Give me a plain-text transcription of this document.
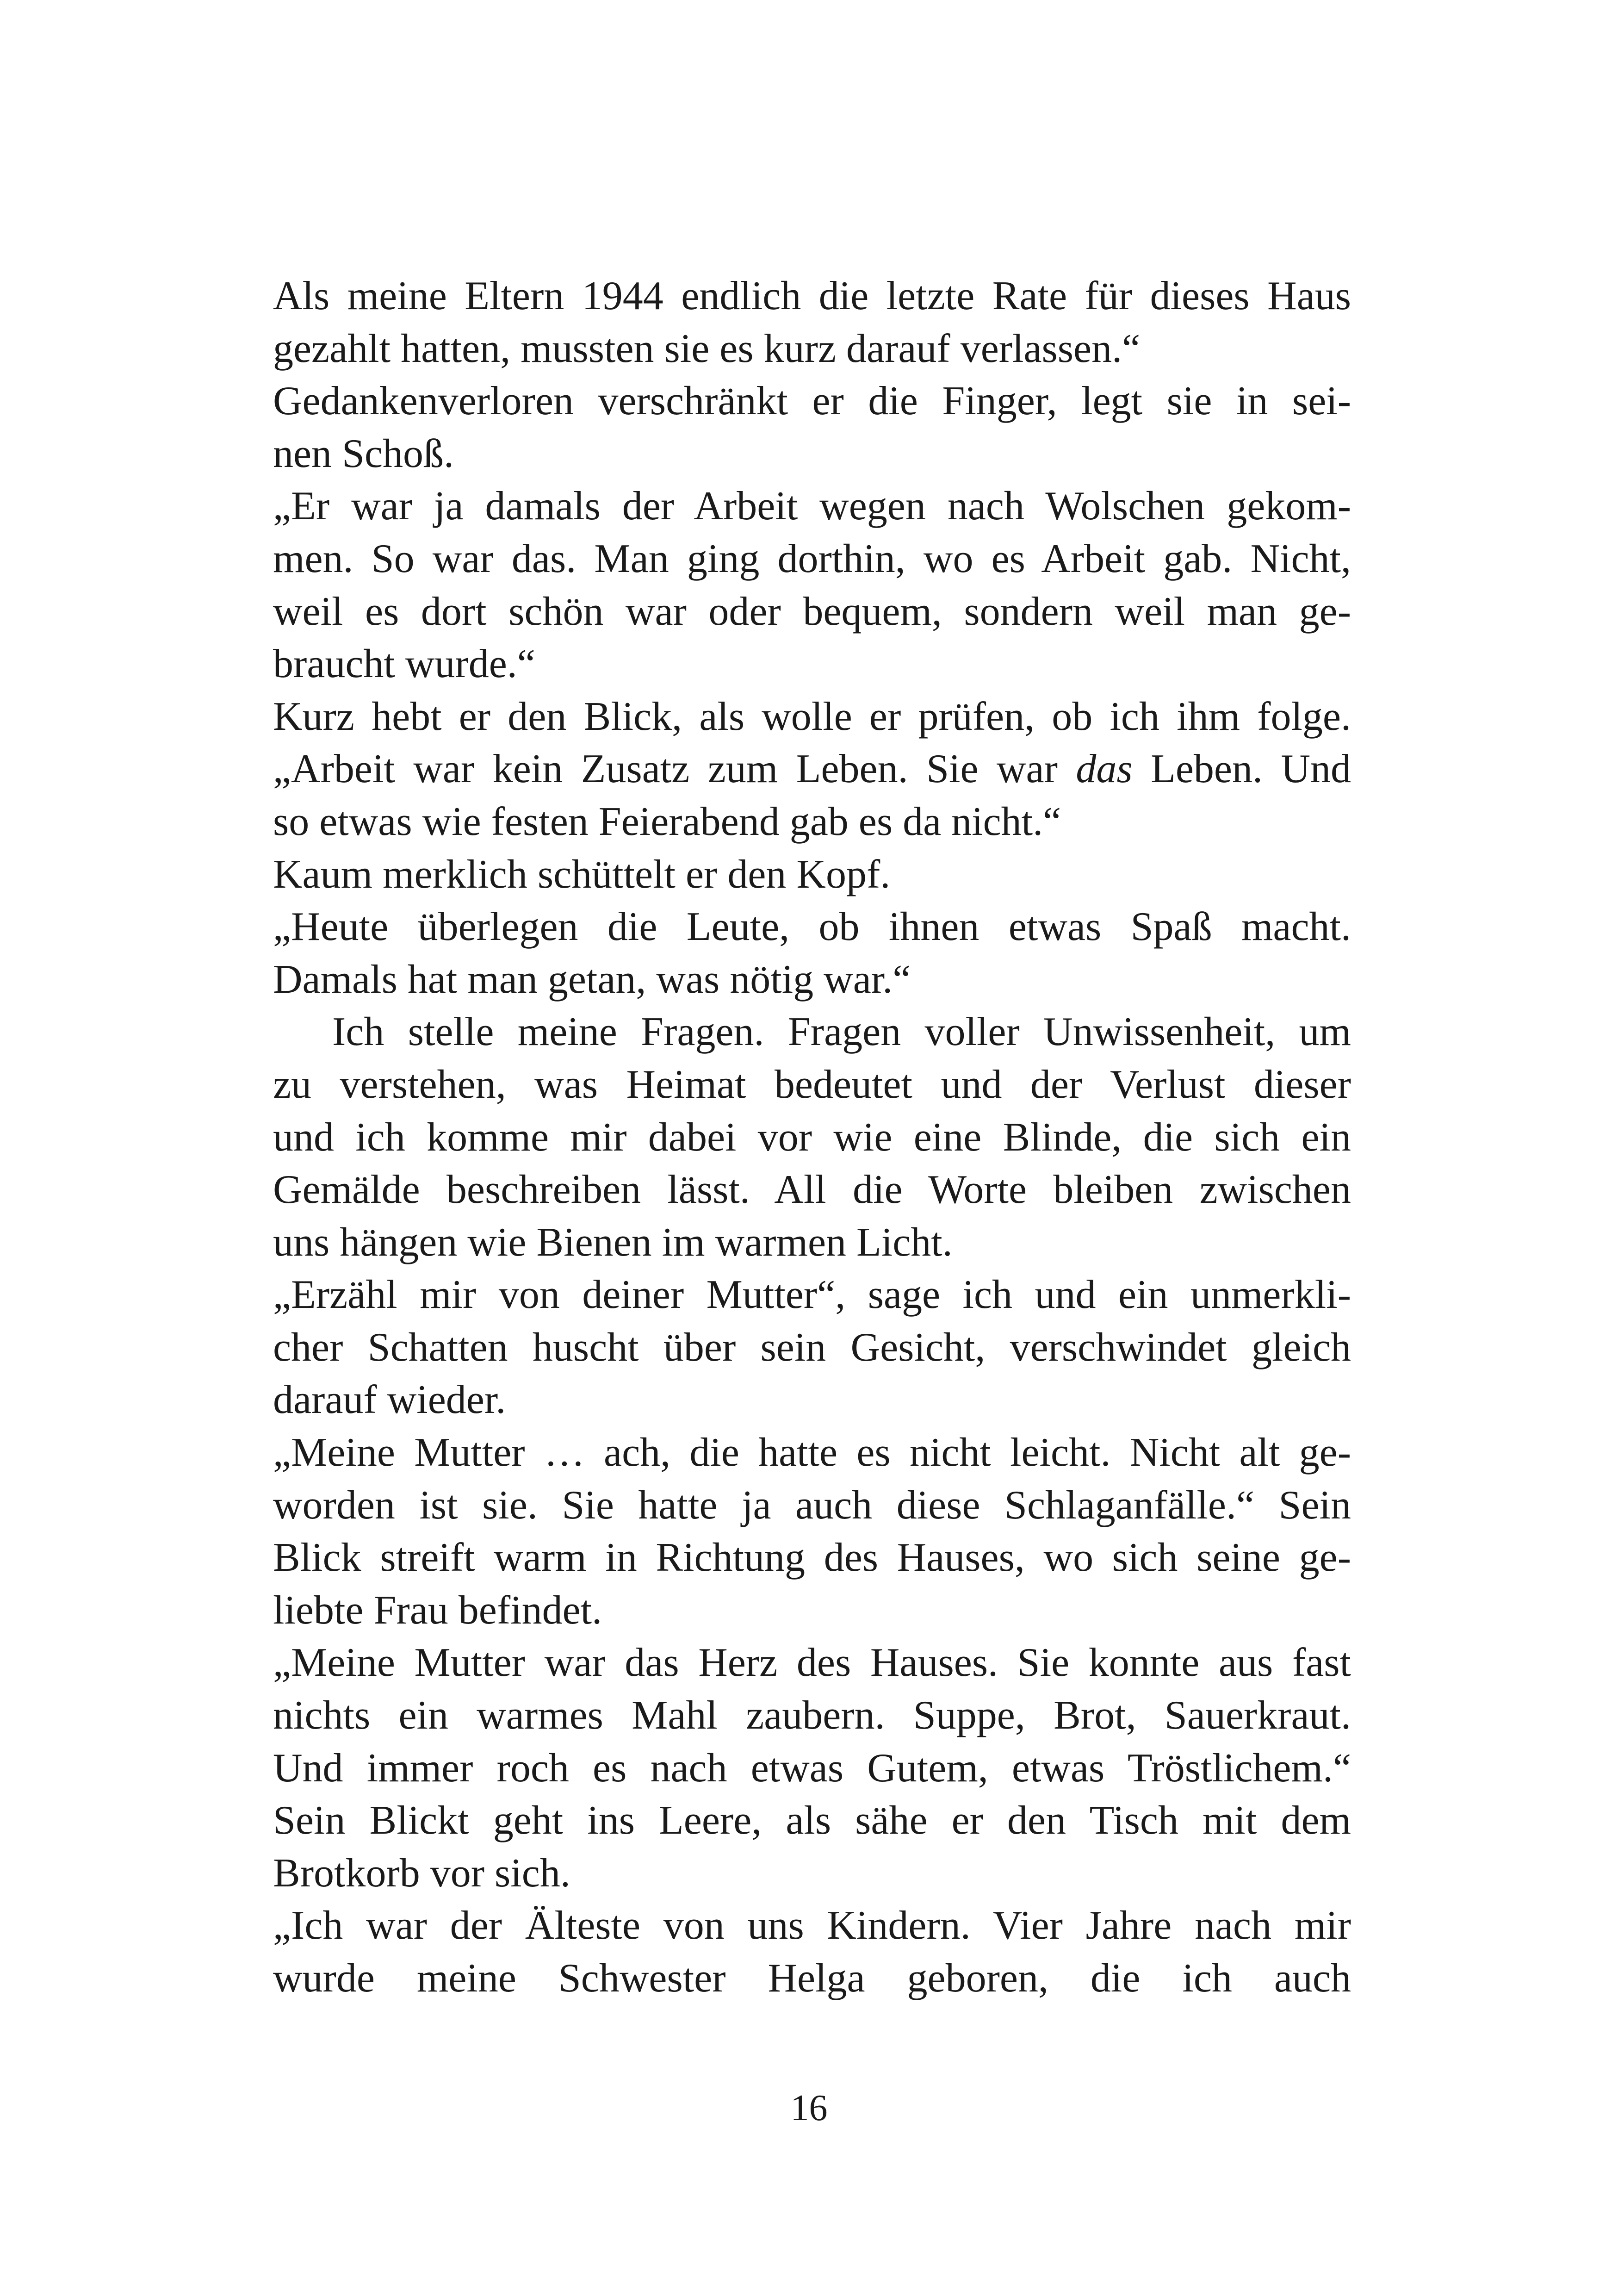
Als meine Eltern 1944 endlich die letzte Rate für dieses Haus
gezahlt hatten, mussten sie es kurz darauf verlassen.“
Gedankenverloren verschränkt er die Finger, legt sie in sei-
nen Schoß.
„Er war ja damals der Arbeit wegen nach Wolschen gekom-
men. So war das. Man ging dorthin, wo es Arbeit gab. Nicht,
weil es dort schön war oder bequem, sondern weil man ge-
braucht wurde.“
Kurz hebt er den Blick, als wolle er prüfen, ob ich ihm folge.
„Arbeit war kein Zusatz zum Leben. Sie war das Leben. Und
so etwas wie festen Feierabend gab es da nicht.“
Kaum merklich schüttelt er den Kopf.
„Heute überlegen die Leute, ob ihnen etwas Spaß macht.
Damals hat man getan, was nötig war.“
Ich stelle meine Fragen. Fragen voller Unwissenheit, um
zu verstehen, was Heimat bedeutet und der Verlust dieser
und ich komme mir dabei vor wie eine Blinde, die sich ein
Gemälde beschreiben lässt. All die Worte bleiben zwischen
uns hängen wie Bienen im warmen Licht.
„Erzähl mir von deiner Mutter“, sage ich und ein unmerkli-
cher Schatten huscht über sein Gesicht, verschwindet gleich
darauf wieder.
„Meine Mutter … ach, die hatte es nicht leicht. Nicht alt ge-
worden ist sie. Sie hatte ja auch diese Schlaganfälle.“ Sein
Blick streift warm in Richtung des Hauses, wo sich seine ge-
liebte Frau befindet.
„Meine Mutter war das Herz des Hauses. Sie konnte aus fast
nichts ein warmes Mahl zaubern. Suppe, Brot, Sauerkraut.
Und immer roch es nach etwas Gutem, etwas Tröstlichem.“
Sein Blickt geht ins Leere, als sähe er den Tisch mit dem
Brotkorb vor sich.
„Ich war der Älteste von uns Kindern. Vier Jahre nach mir
wurde meine Schwester Helga geboren, die ich auch
16
